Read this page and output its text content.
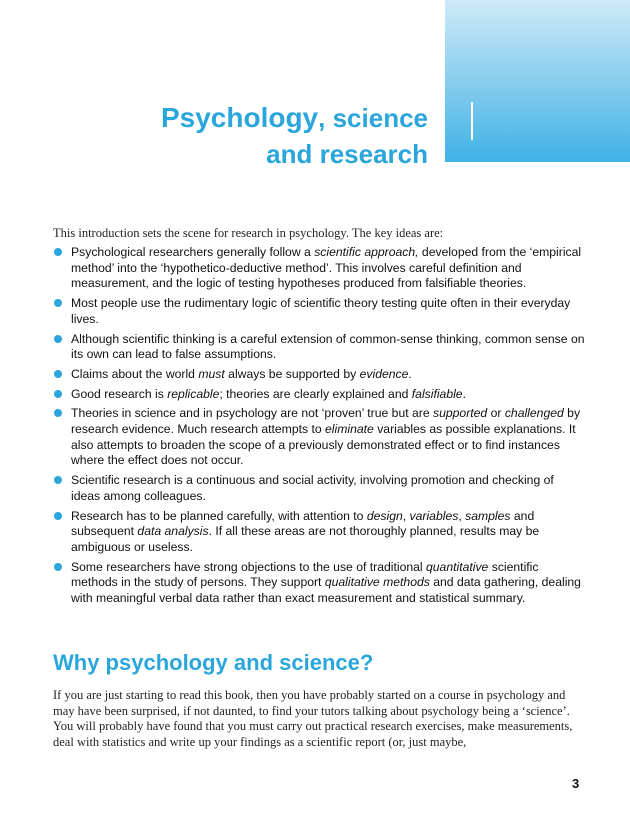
Psychology, science
and research

This introduction sets the scene for research in psychology. The key ideas are:

Psychological researchers generally follow a scientific approach, developed from the ‘empirical method’ into the ‘hypothetico-deductive method’. This involves careful definition and measurement, and the logic of testing hypotheses produced from falsifiable theories.
Most people use the rudimentary logic of scientific theory testing quite often in their everyday lives.
Although scientific thinking is a careful extension of common-sense thinking, common sense on its own can lead to false assumptions.
Claims about the world must always be supported by evidence.
Good research is replicable; theories are clearly explained and falsifiable.
Theories in science and in psychology are not ‘proven’ true but are supported or challenged by research evidence. Much research attempts to eliminate variables as possible explanations. It also attempts to broaden the scope of a previously demonstrated effect or to find instances where the effect does not occur.
Scientific research is a continuous and social activity, involving promotion and checking of ideas among colleagues.
Research has to be planned carefully, with attention to design, variables, samples and subsequent data analysis. If all these areas are not thoroughly planned, results may be ambiguous or useless.
Some researchers have strong objections to the use of traditional quantitative scientific methods in the study of persons. They support qualitative methods and data gathering, dealing with meaningful verbal data rather than exact measurement and statistical summary.
Why psychology and science?

If you are just starting to read this book, then you have probably started on a course in psychology and may have been surprised, if not daunted, to find your tutors talking about psychology being a ‘science’. You will probably have found that you must carry out practical research exercises, make measurements, deal with statistics and write up your findings as a scientific report (or, just maybe,

3
